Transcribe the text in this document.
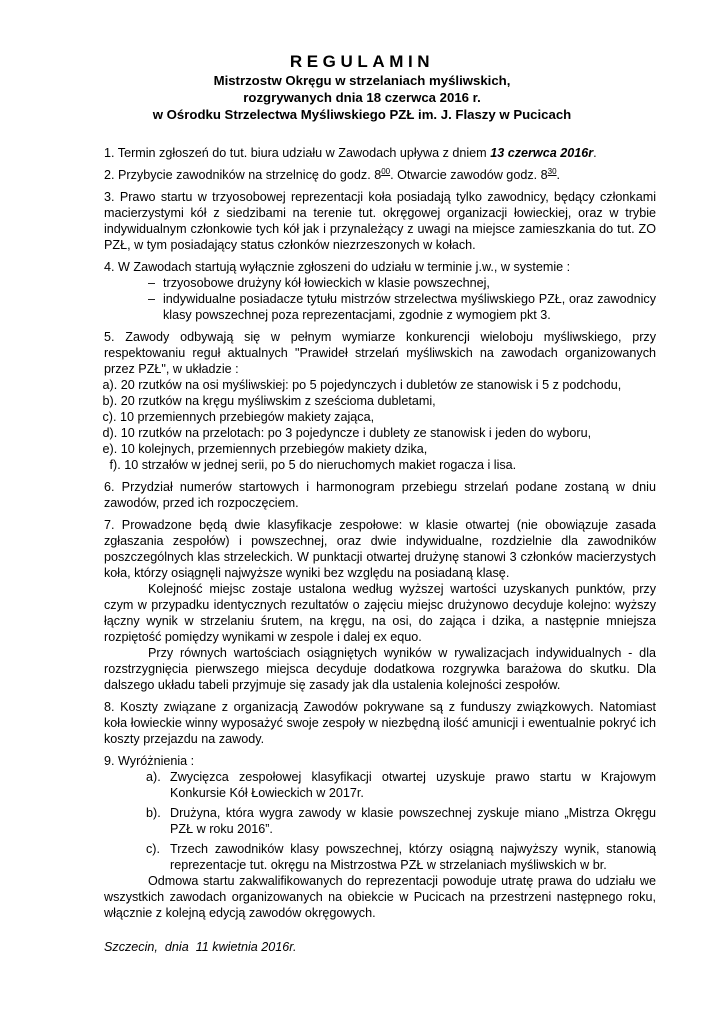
REGULAMIN
Mistrzostw Okręgu w strzelaniach myśliwskich,
rozgrywanych dnia 18 czerwca 2016 r.
w Ośrodku Strzelectwa Myśliwskiego PZŁ im. J. Flaszy w Pucicach

1. Termin zgłoszeń do tut. biura udziału w Zawodach upływa z dniem 13 czerwca 2016r.

2. Przybycie zawodników na strzelnicę do godz. $8^{00}$. Otwarcie zawodów godz. $8^{30}$.

3. Prawo startu w trzyosobowej reprezentacji koła posiadają tylko zawodnicy, będący członkami macierzystymi kół z siedzibami na terenie tut. okręgowej organizacji łowieckiej, oraz w trybie indywidualnym członkowie tych kół jak i przynależący z uwagi na miejsce zamieszkania do tut. ZO PZŁ, w tym posiadający status członków niezrzeszonych w kołach.

4. W Zawodach startują wyłącznie zgłoszeni do udziału w terminie j.w., w systemie :

– trzyosobowe drużyny kół łowieckich w klasie powszechnej,
– indywidualne posiadacze tytułu mistrzów strzelectwa myśliwskiego PZŁ, oraz zawodnicy klasy powszechnej poza reprezentacjami, zgodnie z wymogiem pkt 3.

5. Zawody odbywają się w pełnym wymiarze konkurencji wieloboju myśliwskiego, przy respektowaniu reguł aktualnych "Prawideł strzelań myśliwskich na zawodach organizowanych przez PZŁ", w układzie :

a). 20 rzutków na osi myśliwskiej: po 5 pojedynczych i dubletów ze stanowisk i 5 z podchodu,
b). 20 rzutków na kręgu myśliwskim z sześcioma dubletami,
c). 10 przemiennych przebiegów makiety zająca,
d). 10 rzutków na przelotach: po 3 pojedyncze i dublety ze stanowisk i jeden do wyboru,
e). 10 kolejnych, przemiennych przebiegów makiety dzika,
f). 10 strzałów w jednej serii, po 5 do nieruchomych makiet rogacza i lisa.

6. Przydział numerów startowych i harmonogram przebiegu strzelań podane zostaną w dniu zawodów, przed ich rozpoczęciem.

7. Prowadzone będą dwie klasyfikacje zespołowe: w klasie otwartej (nie obowiązuje zasada zgłaszania zespołów) i powszechnej, oraz dwie indywidualne, rozdzielnie dla zawodników poszczególnych klas strzeleckich. W punktacji otwartej drużynę stanowi 3 członków macierzystych koła, którzy osiągnęli najwyższe wyniki bez względu na posiadaną klasę.

Kolejność miejsc zostaje ustalona według wyższej wartości uzyskanych punktów, przy czym w przypadku identycznych rezultatów o zajęciu miejsc drużynowo decyduje kolejno: wyższy łączny wynik w strzelaniu śrutem, na kręgu, na osi, do zająca i dzika, a następnie mniejsza rozpiętość pomiędzy wynikami w zespole i dalej ex equo.

Przy równych wartościach osiągniętych wyników w rywalizacjach indywidualnych - dla rozstrzygnięcia pierwszego miejsca decyduje dodatkowa rozgrywka barażowa do skutku. Dla dalszego układu tabeli przyjmuje się zasady jak dla ustalenia kolejności zespołów.

8. Koszty związane z organizacją Zawodów pokrywane są z funduszy związkowych. Natomiast koła łowieckie winny wyposażyć swoje zespoły w niezbędną ilość amunicji i ewentualnie pokryć ich koszty przejazdu na zawody.

9. Wyróżnienia :

a). Zwycięzca zespołowej klasyfikacji otwartej uzyskuje prawo startu w Krajowym Konkursie Kół Łowieckich w 2017r.
b). Drużyna, która wygra zawody w klasie powszechnej zyskuje miano „Mistrza Okręgu PZŁ w roku 2016”.
c). Trzech zawodników klasy powszechnej, którzy osiągną najwyższy wynik, stanowią reprezentacje tut. okręgu na Mistrzostwa PZŁ w strzelaniach myśliwskich w br.

Odmowa startu zakwalifikowanych do reprezentacji powoduje utratę prawa do udziału we wszystkich zawodach organizowanych na obiekcie w Pucicach na przestrzeni następnego roku, włącznie z kolejną edycją zawodów okręgowych.

Szczecin,  dnia  11 kwietnia 2016r.
